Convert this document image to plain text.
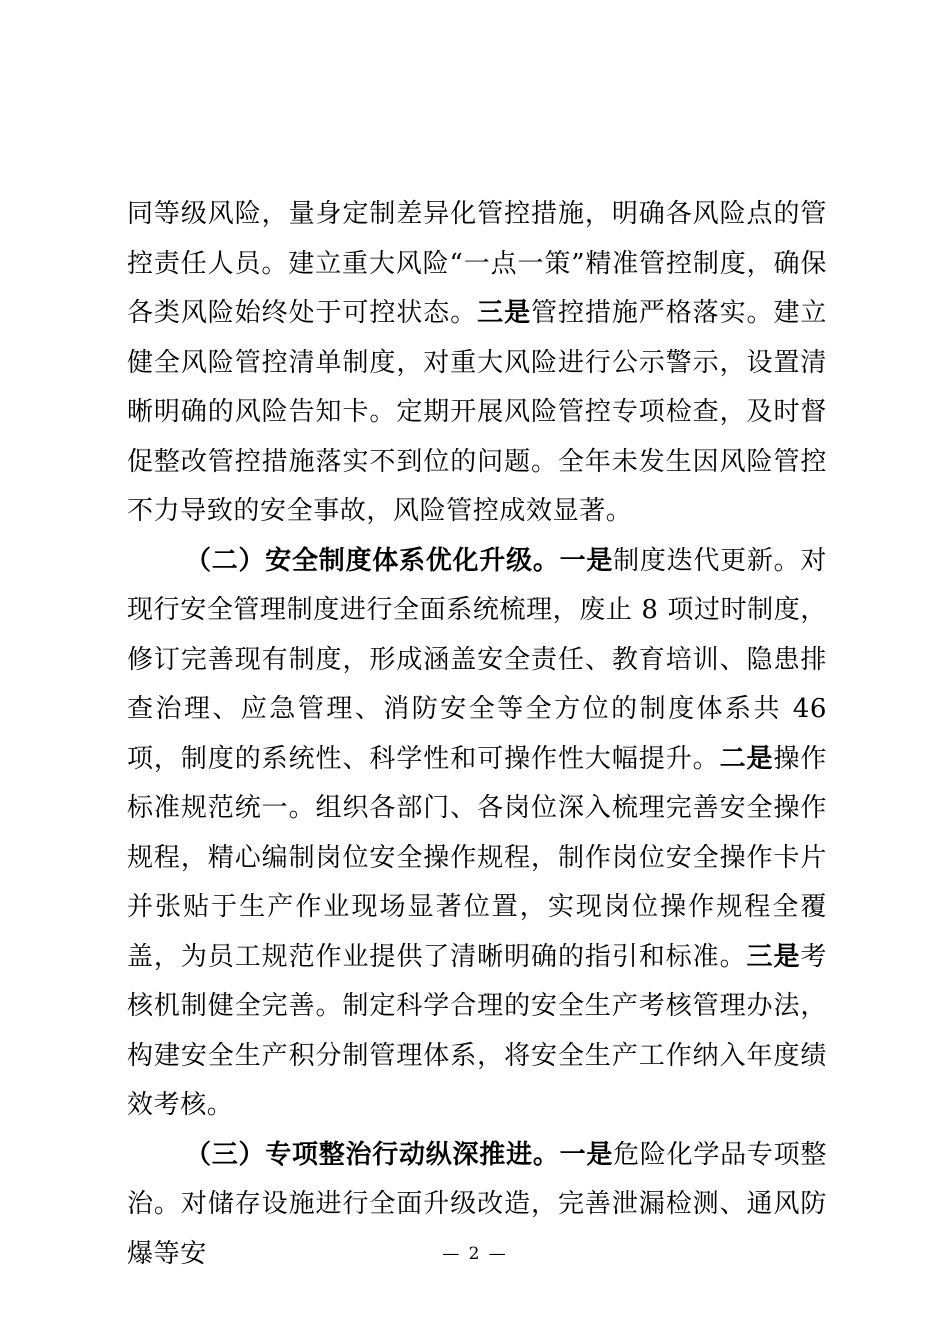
同等级风险，量身定制差异化管控措施，明确各风险点的管控责任人员。建立重大风险“一点一策”精准管控制度，确保各类风险始终处于可控状态。三是管控措施严格落实。建立健全风险管控清单制度，对重大风险进行公示警示，设置清晰明确的风险告知卡。定期开展风险管控专项检查，及时督促整改管控措施落实不到位的问题。全年未发生因风险管控不力导致的安全事故，风险管控成效显著。

（二）安全制度体系优化升级。一是制度迭代更新。对现行安全管理制度进行全面系统梳理，废止 8 项过时制度，修订完善现有制度，形成涵盖安全责任、教育培训、隐患排查治理、应急管理、消防安全等全方位的制度体系共 46 项，制度的系统性、科学性和可操作性大幅提升。二是操作标准规范统一。组织各部门、各岗位深入梳理完善安全操作规程，精心编制岗位安全操作规程，制作岗位安全操作卡片并张贴于生产作业现场显著位置，实现岗位操作规程全覆盖，为员工规范作业提供了清晰明确的指引和标准。三是考核机制健全完善。制定科学合理的安全生产考核管理办法，构建安全生产积分制管理体系，将安全生产工作纳入年度绩效考核。

（三）专项整治行动纵深推进。一是危险化学品专项整治。对储存设施进行全面升级改造，完善泄漏检测、通风防爆等安	— 2 —
